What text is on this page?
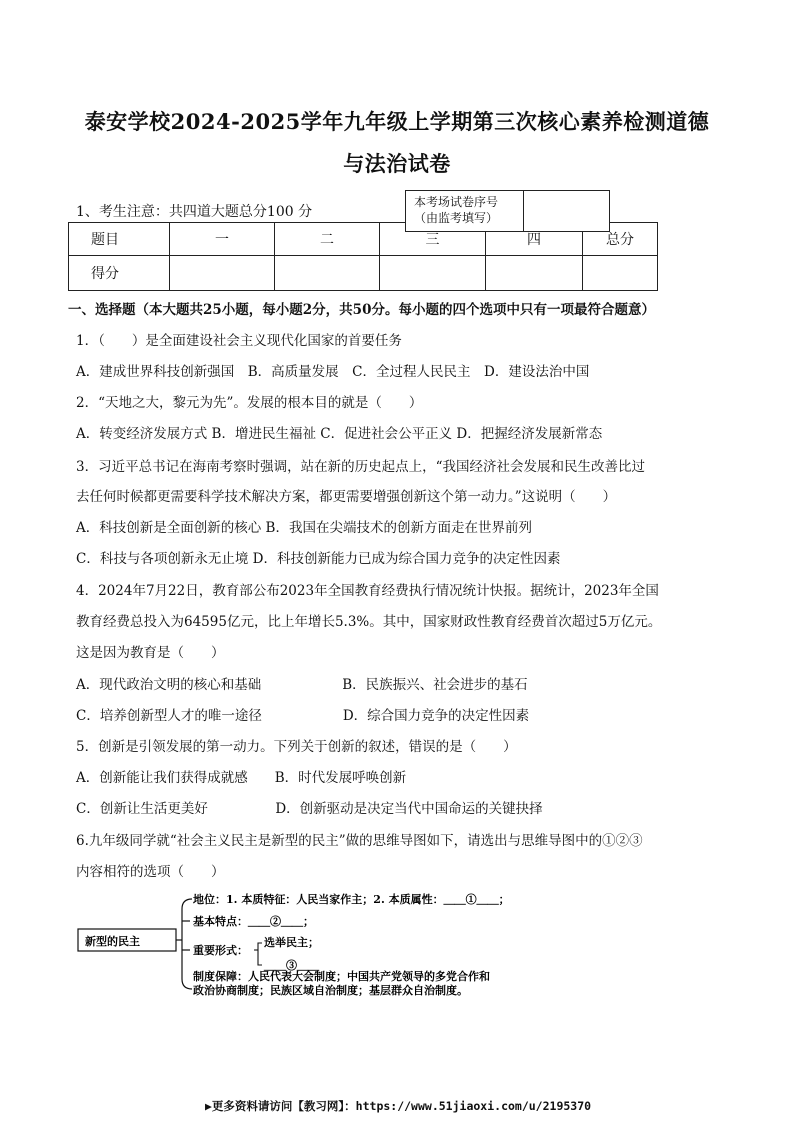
泰安学校2024-2025学年九年级上学期第三次核心素养检测道德
与法治试卷
1、考生注意：共四道大题总分100 分
题目	一	二	三	四	总分
得分					
本考场试卷序号
（由监考填写）
一、选择题（本大题共25小题，每小题2分，共50分。每小题的四个选项中只有一项最符合题意）
1．（　　）是全面建设社会主义现代化国家的首要任务
A．建成世界科技创新强国　B．高质量发展　C．全过程人民民主　D．建设法治中国
2．“天地之大，黎元为先”。发展的根本目的就是（　　）
A．转变经济发展方式 B．增进民生福祉 C．促进社会公平正义 D．把握经济发展新常态
3．习近平总书记在海南考察时强调，站在新的历史起点上，“我国经济社会发展和民生改善比过
去任何时候都更需要科学技术解决方案，都更需要增强创新这个第一动力。”这说明（　　）
A．科技创新是全面创新的核心 B．我国在尖端技术的创新方面走在世界前列
C．科技与各项创新永无止境 D．科技创新能力已成为综合国力竞争的决定性因素
4．2024年7月22日，教育部公布2023年全国教育经费执行情况统计快报。据统计，2023年全国
教育经费总投入为64595亿元，比上年增长5.3%。其中，国家财政性教育经费首次超过5万亿元。
这是因为教育是（　　）
A．现代政治文明的核心和基础　　　　　　B．民族振兴、社会进步的基石
C．培养创新型人才的唯一途径　　　　　　D．综合国力竞争的决定性因素
5．创新是引领发展的第一动力。下列关于创新的叙述，错误的是（　　）
A．创新能让我们获得成就感　　B．时代发展呼唤创新
C．创新让生活更美好　　　　　D．创新驱动是决定当代中国命运的关键抉择
6.九年级同学就“社会主义民主是新型的民主”做的思维导图如下，请选出与思维导图中的①②③
内容相符的选项（　　）
新型的民主
地位：1. 本质特征：人民当家作主；2. 本质属性：＿＿①＿＿；
基本特点：＿＿②＿＿；
重要形式：
选举民主；
＿＿③＿＿
制度保障：人民代表大会制度；中国共产党领导的多党合作和
政治协商制度；民族区域自治制度；基层群众自治制度。
▶更多资料请访问【教习网】：https://www.51jiaoxi.com/u/2195370
